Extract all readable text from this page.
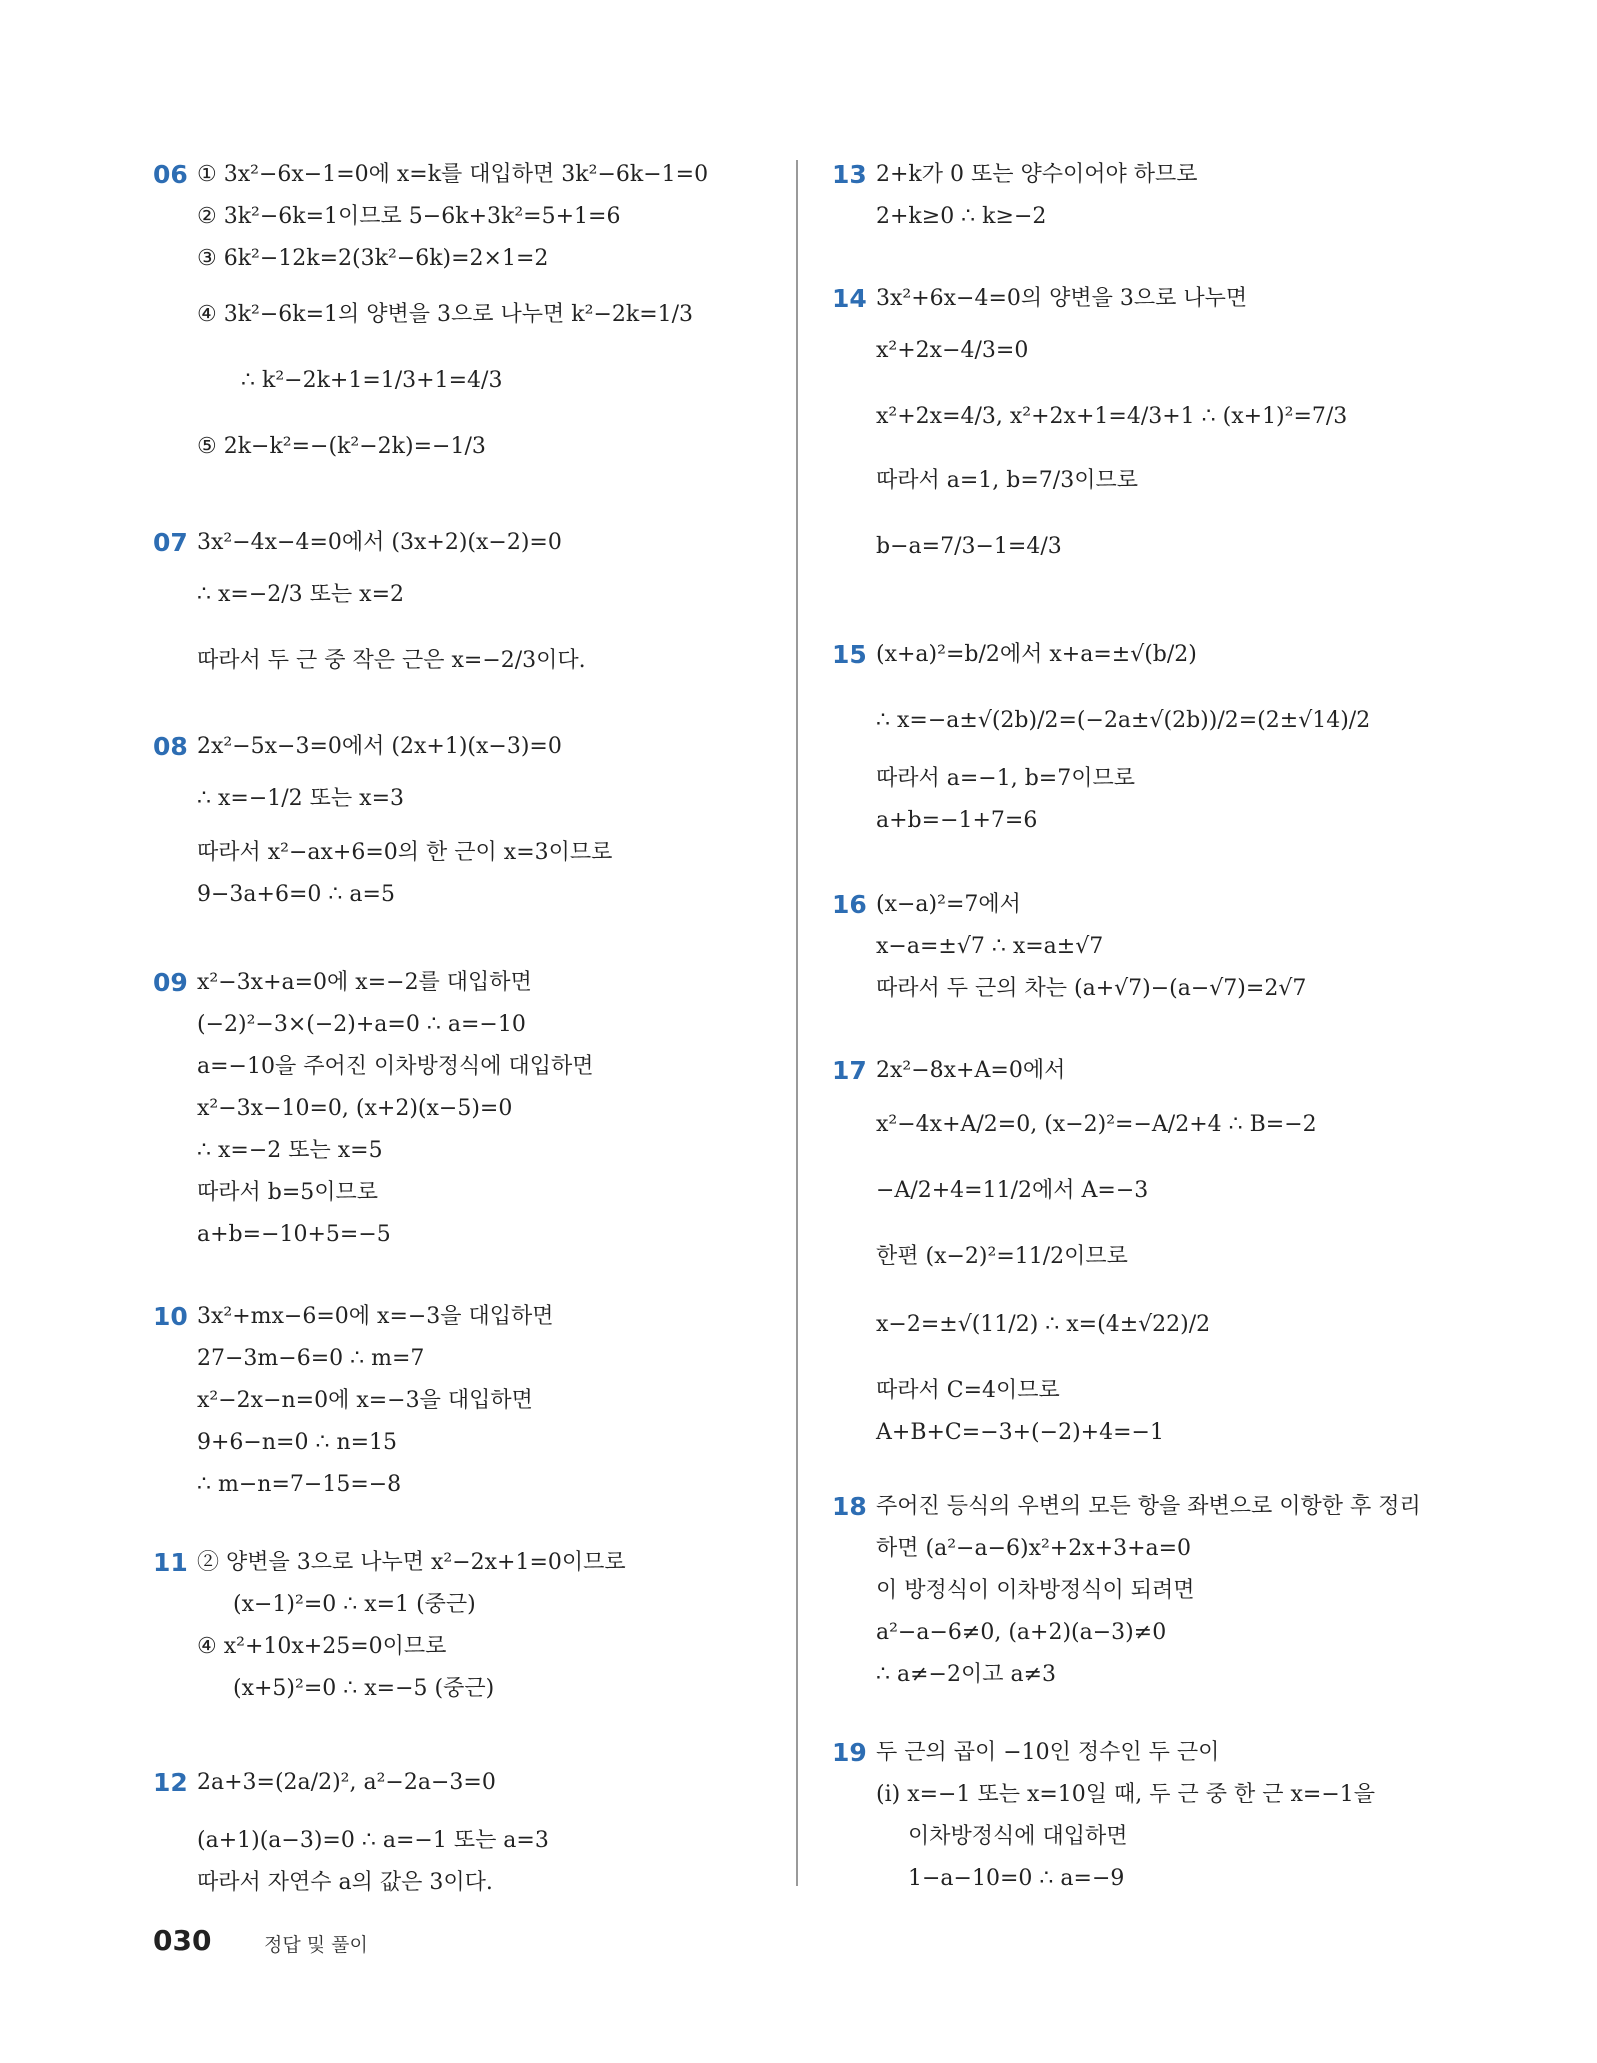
06 ① 3x²−6x−1=0에 x=k를 대입하면 3k²−6k−1=0
② 3k²−6k=1이므로 5−6k+3k²=5+1=6
③ 6k²−12k=2(3k²−6k)=2×1=2
④ 3k²−6k=1의 양변을 3으로 나누면 k²−2k=1/3
∴ k²−2k+1=1/3+1=4/3
⑤ 2k−k²=−(k²−2k)=−1/3
07 3x²−4x−4=0에서 (3x+2)(x−2)=0
∴ x=−2/3 또는 x=2
따라서 두 근 중 작은 근은 x=−2/3이다.
08 2x²−5x−3=0에서 (2x+1)(x−3)=0
∴ x=−1/2 또는 x=3
따라서 x²−ax+6=0의 한 근이 x=3이므로
9−3a+6=0 ∴ a=5
09 x²−3x+a=0에 x=−2를 대입하면
(−2)²−3×(−2)+a=0 ∴ a=−10
a=−10을 주어진 이차방정식에 대입하면
x²−3x−10=0, (x+2)(x−5)=0
∴ x=−2 또는 x=5
따라서 b=5이므로
a+b=−10+5=−5
10 3x²+mx−6=0에 x=−3을 대입하면
27−3m−6=0 ∴ m=7
x²−2x−n=0에 x=−3을 대입하면
9+6−n=0 ∴ n=15
∴ m−n=7−15=−8
11 ② 양변을 3으로 나누면 x²−2x+1=0이므로
(x−1)²=0 ∴ x=1 (중근)
④ x²+10x+25=0이므로
(x+5)²=0 ∴ x=−5 (중근)
12 2a+3=(2a/2)², a²−2a−3=0
(a+1)(a−3)=0 ∴ a=−1 또는 a=3
따라서 자연수 a의 값은 3이다.
13 2+k가 0 또는 양수이어야 하므로
2+k≥0 ∴ k≥−2
14 3x²+6x−4=0의 양변을 3으로 나누면
x²+2x−4/3=0
x²+2x=4/3, x²+2x+1=4/3+1 ∴ (x+1)²=7/3
따라서 a=1, b=7/3이므로
b−a=7/3−1=4/3
15 (x+a)²=b/2에서 x+a=±√(b/2)
∴ x=−a±√(2b)/2=(−2a±√(2b))/2=(2±√14)/2
따라서 a=−1, b=7이므로
a+b=−1+7=6
16 (x−a)²=7에서
x−a=±√7 ∴ x=a±√7
따라서 두 근의 차는 (a+√7)−(a−√7)=2√7
17 2x²−8x+A=0에서
x²−4x+A/2=0, (x−2)²=−A/2+4 ∴ B=−2
−A/2+4=11/2에서 A=−3
한편 (x−2)²=11/2이므로
x−2=±√(11/2) ∴ x=(4±√22)/2
따라서 C=4이므로
A+B+C=−3+(−2)+4=−1
18 주어진 등식의 우변의 모든 항을 좌변으로 이항한 후 정리
하면 (a²−a−6)x²+2x+3+a=0
이 방정식이 이차방정식이 되려면
a²−a−6≠0, (a+2)(a−3)≠0
∴ a≠−2이고 a≠3
19 두 근의 곱이 −10인 정수인 두 근이
(i) x=−1 또는 x=10일 때, 두 근 중 한 근 x=−1을
이차방정식에 대입하면
1−a−10=0 ∴ a=−9
030	정답 및 풀이
